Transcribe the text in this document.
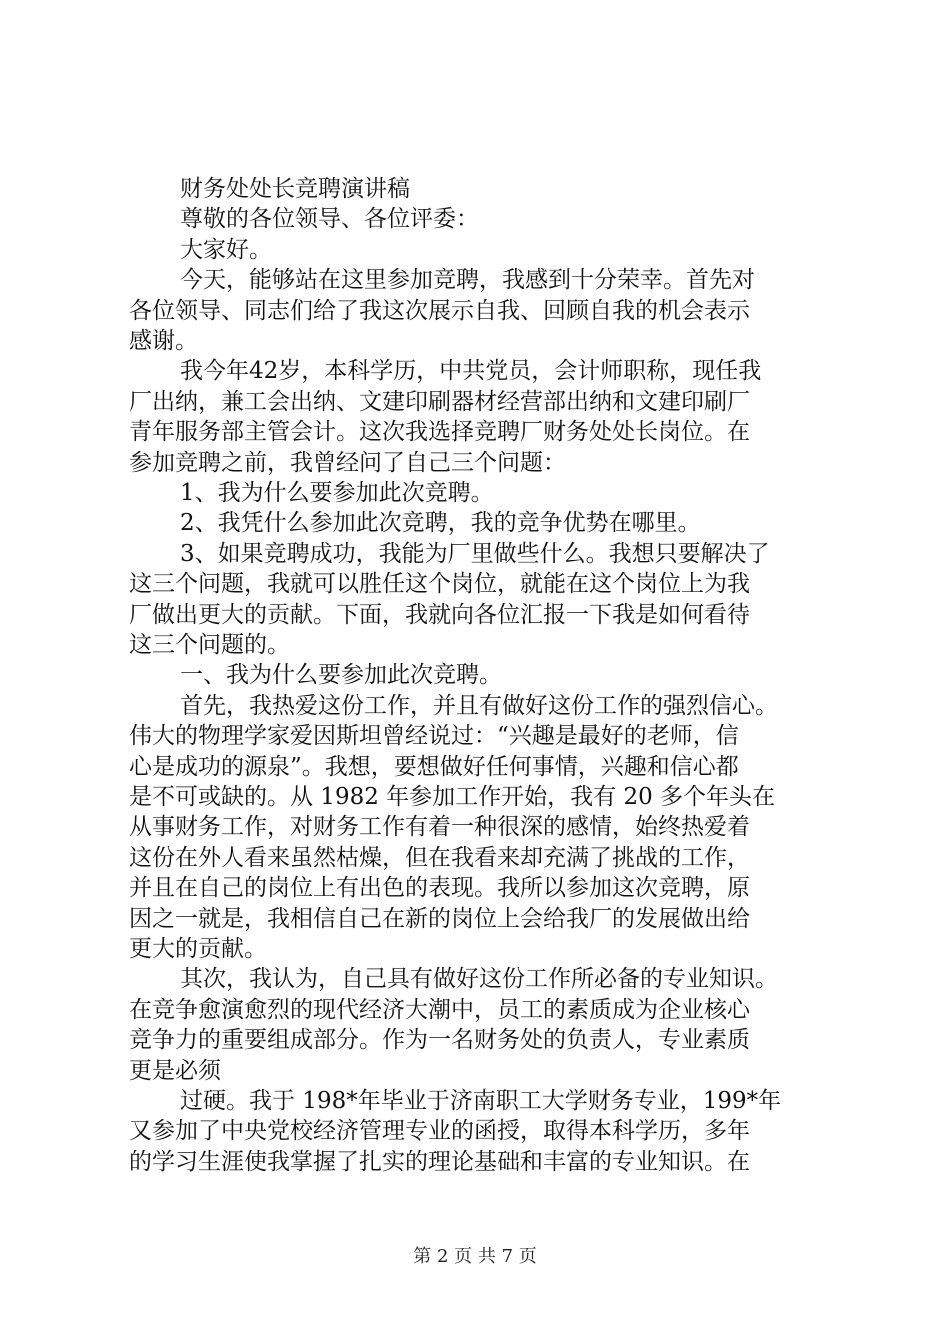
财务处处长竞聘演讲稿
尊敬的各位领导、各位评委：
大家好。
今天，能够站在这里参加竞聘，我感到十分荣幸。首先对
各位领导、同志们给了我这次展示自我、回顾自我的机会表示
感谢。
我今年42岁，本科学历，中共党员，会计师职称，现任我
厂出纳，兼工会出纳、文建印刷器材经营部出纳和文建印刷厂
青年服务部主管会计。这次我选择竞聘厂财务处处长岗位。在
参加竞聘之前，我曾经问了自己三个问题：
1、我为什么要参加此次竞聘。
2、我凭什么参加此次竞聘，我的竞争优势在哪里。
3、如果竞聘成功，我能为厂里做些什么。我想只要解决了
这三个问题，我就可以胜任这个岗位，就能在这个岗位上为我
厂做出更大的贡献。下面，我就向各位汇报一下我是如何看待
这三个问题的。
一、我为什么要参加此次竞聘。
首先，我热爱这份工作，并且有做好这份工作的强烈信心。
伟大的物理学家爱因斯坦曾经说过：“兴趣是最好的老师，信
心是成功的源泉”。我想，要想做好任何事情，兴趣和信心都
是不可或缺的。从 1982 年参加工作开始，我有 20 多个年头在
从事财务工作，对财务工作有着一种很深的感情，始终热爱着
这份在外人看来虽然枯燥，但在我看来却充满了挑战的工作，
并且在自己的岗位上有出色的表现。我所以参加这次竞聘，原
因之一就是，我相信自己在新的岗位上会给我厂的发展做出给
更大的贡献。
其次，我认为，自己具有做好这份工作所必备的专业知识。
在竞争愈演愈烈的现代经济大潮中，员工的素质成为企业核心
竞争力的重要组成部分。作为一名财务处的负责人，专业素质
更是必须
过硬。我于 198*年毕业于济南职工大学财务专业，199*年
又参加了中央党校经济管理专业的函授，取得本科学历，多年
的学习生涯使我掌握了扎实的理论基础和丰富的专业知识。在
第 2 页 共 7 页
